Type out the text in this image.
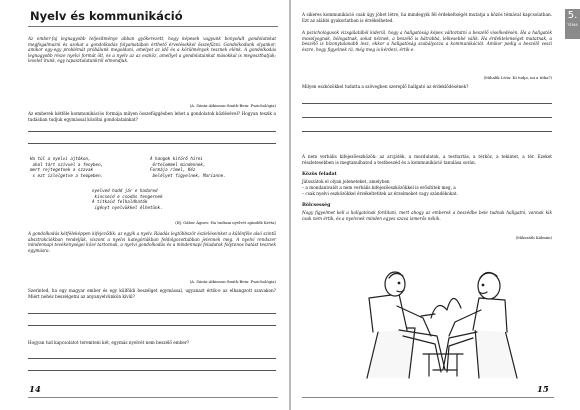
Nyelv és kommunikáció

Az ember-faj legnagyobb teljesítménye abban gyökerezett, hogy képesek vagyunk bonyolult gondolatokat megfogalmazni és azokat a gondolkodás folyamatában érthető érvelésekkel összefűzni. Gondolkodunk olyankor, amikor egy-egy problémát próbálunk megoldani, amelyet az idő és a körülmények tesznek elénk. A gondolkodás legnagyobb része nyelvi formát ölt, és a nyelv az az eszköz, amellyel a gondolatainkat másokkal is megoszthatjuk; levelet írunk, egy tapasztalatunkról elmondjuk.

(A. Sánta-Atkinson-Smith-Bem: Pszichológia)

Az emberek kétféle kommunikációs formája milyen összefüggésben lehet a gondolatok közlésével? Hogyan teszik a tudásban tudjuk egymással közölni gondolatainkat?

Ha túl a nyelvi ajtókon,
ahol tárt szívvel a fenyben,
mert rejtegetnek a szavak
s ezt ízlelgetve a teopeben.
A hangok kitörő hírei
értelemmel mindennek,
Formája rímel, Kéz
belélyet figyelnek, Marianne.
nyelved hadd jár e hadared
kincseid e csodás tengernek
A titkaid felhaldhatók
igényt nyelvükkel élhetünk.
(Ifj. Gábor Ágnes: Ha tudtam nyelvét ajándék Kréta)

A gondolkodás kétféleképpen kifejeződik: az egyik a nyelv. Ráadás legtöbbször észleléseinket a különféle alsó szintű absztrakciókban rendeljük, viszont a nyelvi kategóriákban feldolgozottabban jelennek meg. A nyelvi rendszer mindennapi tevékenységei közé tartoznak, a nyelvi gondolkodás és a mindennapi feladatok folytonos hatást tesznek egymásra.

(A. Sánta-Atkinson-Smith-Bem: Pszichológia)

Szerinted, ha egy magyar ember és egy külföldi beszélget egymással, ugyanazt értik-e az elhangzott szavakon? Miért nehéz beszélgetni az anyanyelvünkön kívül?

Hogyan tud kapcsolatot teremteni két, egymás nyelvét nem beszélő ember?

14

A sikeres kommunikáció csak úgy jöhet létre, ha mindegyik fél érdekeltségét mutatja a közös témával kapcsolatban. Ezt az alábbi gyakorlatban is érzékelheted.

A pszichológusok vizsgálatából kiderül, hogy a hallgatóság képes változtatni a beszélő viselkedésén. Ha a hallgatók mosolyognak, bólogatnak, sokat néznek, a beszélő is bátrabbá, lelkesebbé válik. Ha érdektelenséget mutatnak, a beszélő is bizonytalanabb lesz, ekkor a hallgatóság szabályozza a kommunikációt. Amikor pedig a beszélő veszi észre, hogy figyelnek rá, még meg is kérdezi, értik-e.

(Mihalik Lívia: Ki tudja, mi a titka?)

Milyen eszközökkel tudatta a szövegben szereplő hallgató az érdeklődésének?

A nem verbális kifejezőeszközök: az arcjáték, a mozdulatok, a testtartás, a térköz, a tekintet, a tér. Ezeket részletesebben is megtanulhatod a testbeszéd és a kommunikáció tanulása során.

Közös feladat

Játsszátok el olyan jeleneteket, amelyben

– a mondanivalót a nem verbális kifejezőeszközökkel is erősítitek meg, a
– csak nyelvi eszközökkel érzékeltetitek az érzelmeket vagy szándékokat.
Bölcsesség

Nagy figyelmet kell a hallgatónak fordítani, mert ahogy az emberek a beszédbe bele tudnak hallgatni, vannak kik csak nem értik, és a nyelvnek minden egyes szava ismerős nékik.

(Mikszáth Kálmán)
15
5.
TÉMA
